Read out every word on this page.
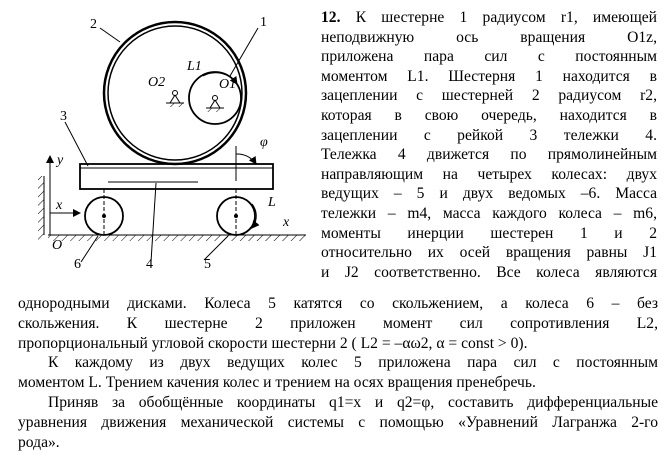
2	1
O2	O1
L1
3
y
φ
L
x
x
O
6	4	5
12. К шестерне 1 радиусом r1, имеющей
неподвижную ось вращения O1z,
приложена пара сил с постоянным
моментом L1. Шестерня 1 находится в
зацеплении с шестерней 2 радиусом r2,
которая в свою очередь, находится в
зацеплении с рейкой 3 тележки 4.
Тележка 4 движется по прямолинейным
направляющим на четырех колесах: двух
ведущих – 5 и двух ведомых –6. Масса
тележки – m4, масса каждого колеса – m6,
моменты инерции шестерен 1 и 2
относительно их осей вращения равны J1
и J2 соответственно. Все колеса являются
однородными дисками. Колеса 5 катятся со скольжением, а колеса 6 – без
скольжения. К шестерне 2 приложен момент сил сопротивления L2,
пропорциональный угловой скорости шестерни 2 ( L2 = –αω2, α = const > 0).
К каждому из двух ведущих колес 5 приложена пара сил с постоянным
моментом L. Трением качения колес и трением на осях вращения пренебречь.
Приняв за обобщённые координаты q1=x и q2=φ, составить дифференциальные
уравнения движения механической системы с помощью «Уравнений Лагранжа 2-го
рода».
